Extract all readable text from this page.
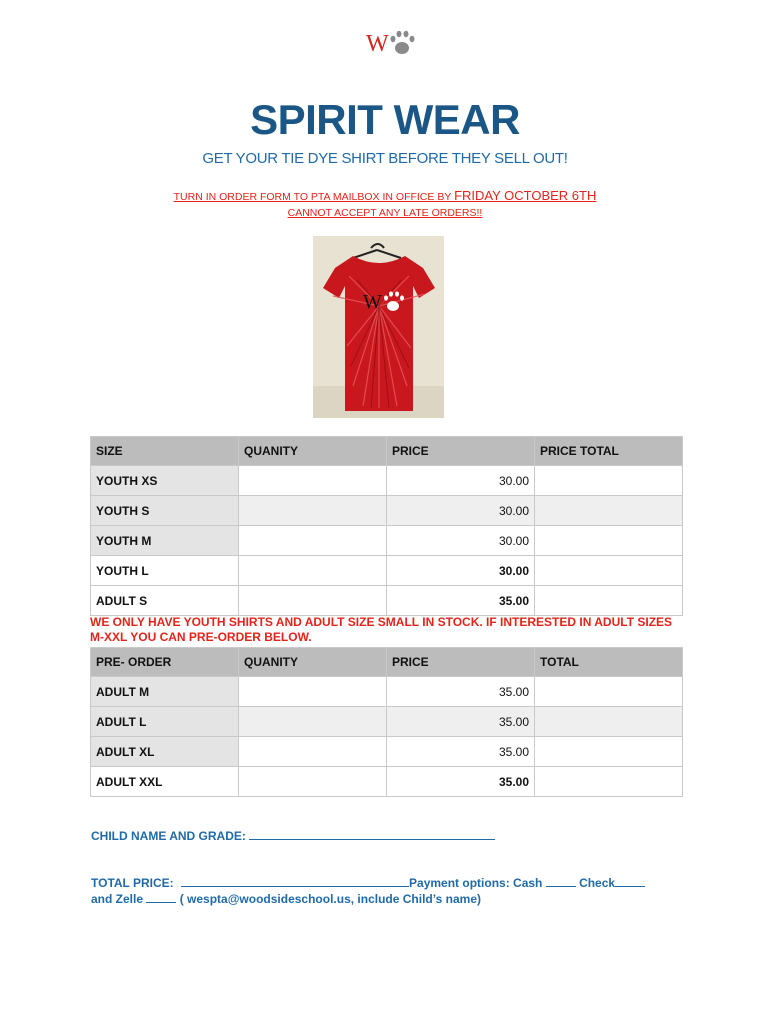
W
SPIRIT WEAR
GET YOUR TIE DYE SHIRT BEFORE THEY SELL OUT!
TURN IN ORDER FORM TO PTA MAILBOX IN OFFICE BY FRIDAY OCTOBER 6TH
CANNOT ACCEPT ANY LATE ORDERS!!
W
SIZE	QUANITY	PRICE	PRICE TOTAL
YOUTH XS		30.00	
YOUTH S		30.00	
YOUTH M		30.00	
YOUTH L		30.00	
ADULT S		35.00	
WE ONLY HAVE YOUTH SHIRTS AND ADULT SIZE SMALL IN STOCK. IF INTERESTED IN ADULT SIZES M-XXL YOU CAN PRE-ORDER BELOW.
PRE- ORDER	QUANITY	PRICE	TOTAL
ADULT M		35.00	
ADULT L		35.00	
ADULT XL		35.00	
ADULT XXL		35.00	
CHILD NAME AND GRADE:
TOTAL PRICE:	Payment options: Cash	Check
and Zelle	( wespta@woodsideschool.us, include Child’s name)
